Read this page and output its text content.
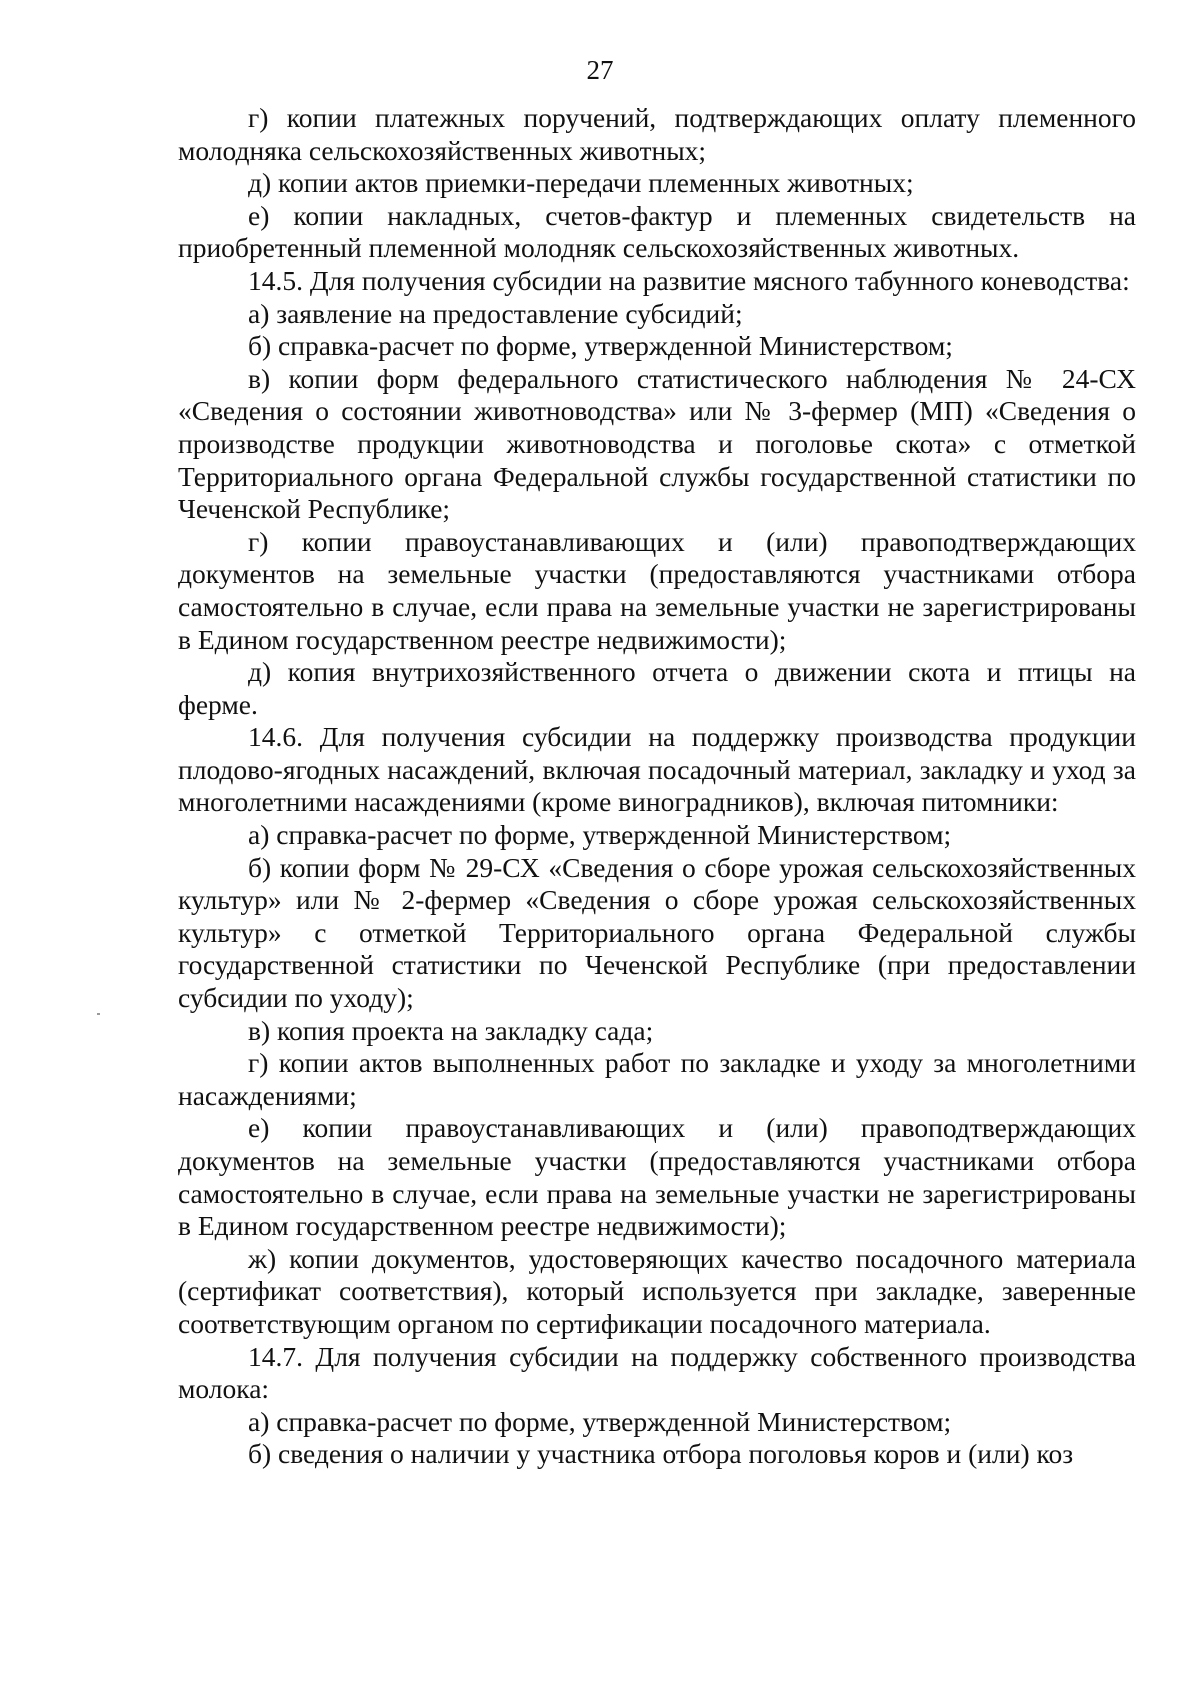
27

г) копии платежных поручений, подтверждающих оплату племенного молодняка сельскохозяйственных животных;

д) копии актов приемки-передачи племенных животных;

е) копии накладных, счетов-фактур и племенных свидетельств на приобретенный племенной молодняк сельскохозяйственных животных.

14.5. Для получения субсидии на развитие мясного табунного коневодства:

а) заявление на предоставление субсидий;

б) справка-расчет по форме, утвержденной Министерством;

в) копии форм федерального статистического наблюдения № 24-СХ «Сведения о состоянии животноводства» или № 3-фермер (МП) «Сведения о производстве продукции животноводства и поголовье скота» с отметкой Территориального органа Федеральной службы государственной статистики по Чеченской Республике;

г) копии правоустанавливающих и (или) правоподтверждающих документов на земельные участки (предоставляются участниками отбора самостоятельно в случае, если права на земельные участки не зарегистрированы в Едином государственном реестре недвижимости);

д) копия внутрихозяйственного отчета о движении скота и птицы на ферме.

14.6. Для получения субсидии на поддержку производства продукции плодово-ягодных насаждений, включая посадочный материал, закладку и уход за многолетними насаждениями (кроме виноградников), включая питомники:

а) справка-расчет по форме, утвержденной Министерством;

б) копии форм № 29-СХ «Сведения о сборе урожая сельскохозяйственных культур» или № 2-фермер «Сведения о сборе урожая сельскохозяйственных культур» с отметкой Территориального органа Федеральной службы государственной статистики по Чеченской Республике (при предоставлении субсидии по уходу);

в) копия проекта на закладку сада;

г) копии актов выполненных работ по закладке и уходу за многолетними насаждениями;

е) копии правоустанавливающих и (или) правоподтверждающих документов на земельные участки (предоставляются участниками отбора самостоятельно в случае, если права на земельные участки не зарегистрированы в Едином государственном реестре недвижимости);

ж) копии документов, удостоверяющих качество посадочного материала (сертификат соответствия), который используется при закладке, заверенные соответствующим органом по сертификации посадочного материала.

14.7. Для получения субсидии на поддержку собственного производства молока:

а) справка-расчет по форме, утвержденной Министерством;

б) сведения о наличии у участника отбора поголовья коров и (или) коз
